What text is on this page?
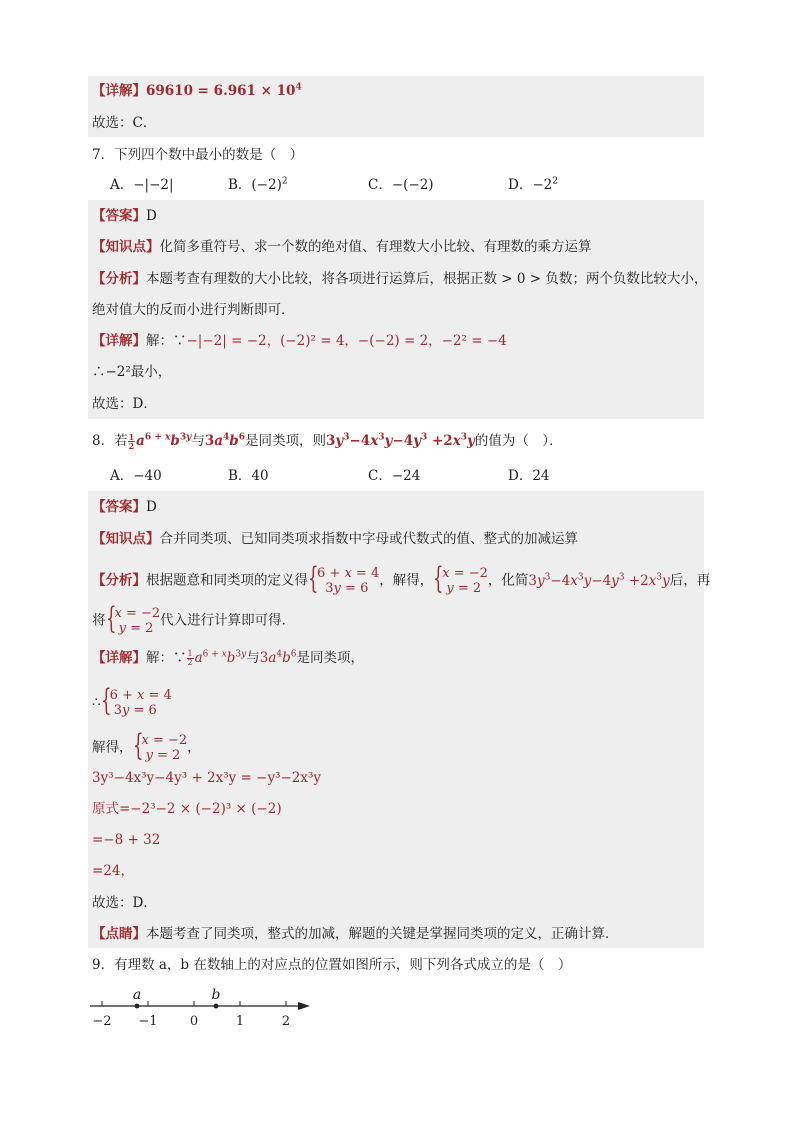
【详解】$69610 = 6.961 \times 10^4$
故选：C．
7．下列四个数中最小的数是（　）
A．−|−2|	B．$(-2)^2$	C．−(−2)	D．$-2^2$
【答案】D
【知识点】化简多重符号、求一个数的绝对值、有理数大小比较、有理数的乘方运算
【分析】本题考查有理数的大小比较，将各项进行运算后，根据正数 > 0 > 负数；两个负数比较大小，
绝对值大的反而小进行判断即可．
【详解】解：∵−|−2| = −2，(−2)² = 4，−(−2) = 2，−2² = −4
∴−2²最小，
故选：D．
8．若 $\frac{1}{2} a^{6 + x}b^{3y}$与$3a^4b^6$是同类项，则$3y^3-4x^3y-4y^3 +2x^3y$的值为（　）．
A．−40	B．40	C．−24	D．24
【答案】D
【知识点】合并同类项、已知同类项求指数中字母或代数式的值、整式的加减运算
【分析】根据题意和同类项的定义得 {
6 + x = 4
3y = 6 ，解得， {
x = −2
y = 2 ，化简$3y^3-4x^3y-4y^3 +2x^3y$后，再
将 {
x = −2
y = 2 代入进行计算即可得．
【详解】解：∵ $\frac{1}{2} a^{6 + x}b^{3y}$与$3a^4b^6$是同类项，
∴ {
6 + x = 4
3y = 6
解得， {
x = −2
y = 2 ，
3y³−4x³y−4y³ + 2x³y = −y³−2x³y
原式=−2³−2 × (−2)³ × (−2)
=−8 + 32
=24，
故选：D．
【点睛】本题考查了同类项，整式的加减，解题的关键是掌握同类项的定义，正确计算．
9．有理数 a，b 在数轴上的对应点的位置如图所示，则下列各式成立的是（　）
−2 −1 0	1	2
a	b
